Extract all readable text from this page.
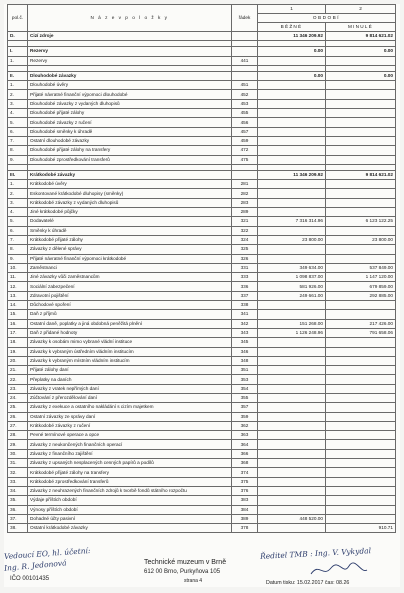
pol.č.	N á z e v p o l o ž k y	řádek	1	2
			OBDOBÍ	
			BĚŽNÉ	MINULÉ
D.	Cizí zdroje		11 346 209.92	9 814 621.02

I.	Rezervy		0.00	0.00
1.	Rezervy	441		

II.	Dlouhodobé závazky		0.00	0.00
1.	Dlouhodobé úvěry	451		
2.	Přijaté návratné finanční výpomoci dlouhodobé	452		
3.	Dlouhodobé závazky z vydaných dluhopisů	453		
4.	Dlouhodobé přijaté zálohy	455		
5.	Dlouhodobé závazky z ručení	456		
6.	Dlouhodobé směnky k úhradě	457		
7.	Ostatní dlouhodobé závazky	459		
8.	Dlouhodobé přijaté zálohy na transfery	472		
9.	Dlouhodobé zprostředkování transferů	475		

III.	Krátkodobé závazky		11 346 209.92	9 814 621.02
1.	Krátkodobé úvěry	281		
2.	Eskontované krátkodobé dluhopisy (směnky)	282		
3.	Krátkodobé závazky z vydaných dluhopisů	283		
4.	Jiné krátkodobé půjčky	289		
5.	Dodavatelé	321	7 316 314.96	6 123 122.25
6.	Směnky k úhradě	322		
7.	Krátkodobé přijaté zálohy	324	23 800.00	23 800.00
8.	Závazky z dělené správy	325		
9.	Přijaté návratné finanční výpomoci krátkodobé	326		
10.	Zaměstnanci	331	349 634.00	537 849.00
11.	Jiné závazky vůči zaměstnancům	333	1 098 837.00	1 147 120.00
12.	Sociální zabezpečení	336	581 926.00	679 859.00
13.	Zdravotní pojištění	337	249 661.00	292 885.00
14.	Důchodové spoření	338		
15.	Daň z příjmů	341		
16.	Ostatní daně, poplatky a jiná obdobná peněžitá plnění	342	151 268.00	217 426.00
17.	Daň z přidané hodnoty	343	1 126 248.96	791 658.06
18.	Závazky k osobám mimo vybrané vládní instituce	345		
19.	Závazky k vybraným ústředním vládním institucím	346		
20.	Závazky k vybraným místním vládním institucím	348		
21.	Přijaté zálohy daní	351		
22.	Přeplatky na daních	353		
23.	Závazky z vratek nepřímých daní	354		
24.	Zúčtování z přerozdělování daní	355		
25.	Závazky z exekuce a ostatního nakládání s cizím majetkem	357		
26.	Ostatní závazky ze správy daní	359		
27.	Krátkodobé závazky z ručení	362		
28.	Pevné termínové operace a opce	363		
29.	Závazky z neukončených finančních operací	364		
30.	Závazky z finančního zajištění	366		
31.	Závazky z upsaných nesplacených cenných papírů a podílů	368		
32.	Krátkodobé přijaté zálohy na transfery	374		
33.	Krátkodobé zprostředkování transferů	375		
34.	Závazky z neuhrazených finančních zdrojů k tvorbě fondů státního rozpočtu	376		
35.	Výdaje příštích období	383		
36.	Výnosy příštích období	384		
37.	Dohadné účty pasivní	389	448 520.00	
38.	Ostatní krátkodobé závazky	378		910.71
IČO 00101435
Technické muzeum v Brně
612 00 Brno, Purkyňova 105
strana 4	Datum tisku: 15.02.2017 čas: 08.26
Vedoucí EO, hl. účetní:
Ing. R. Jedonová
Ředitel TMB : Ing. V. Vykydal
